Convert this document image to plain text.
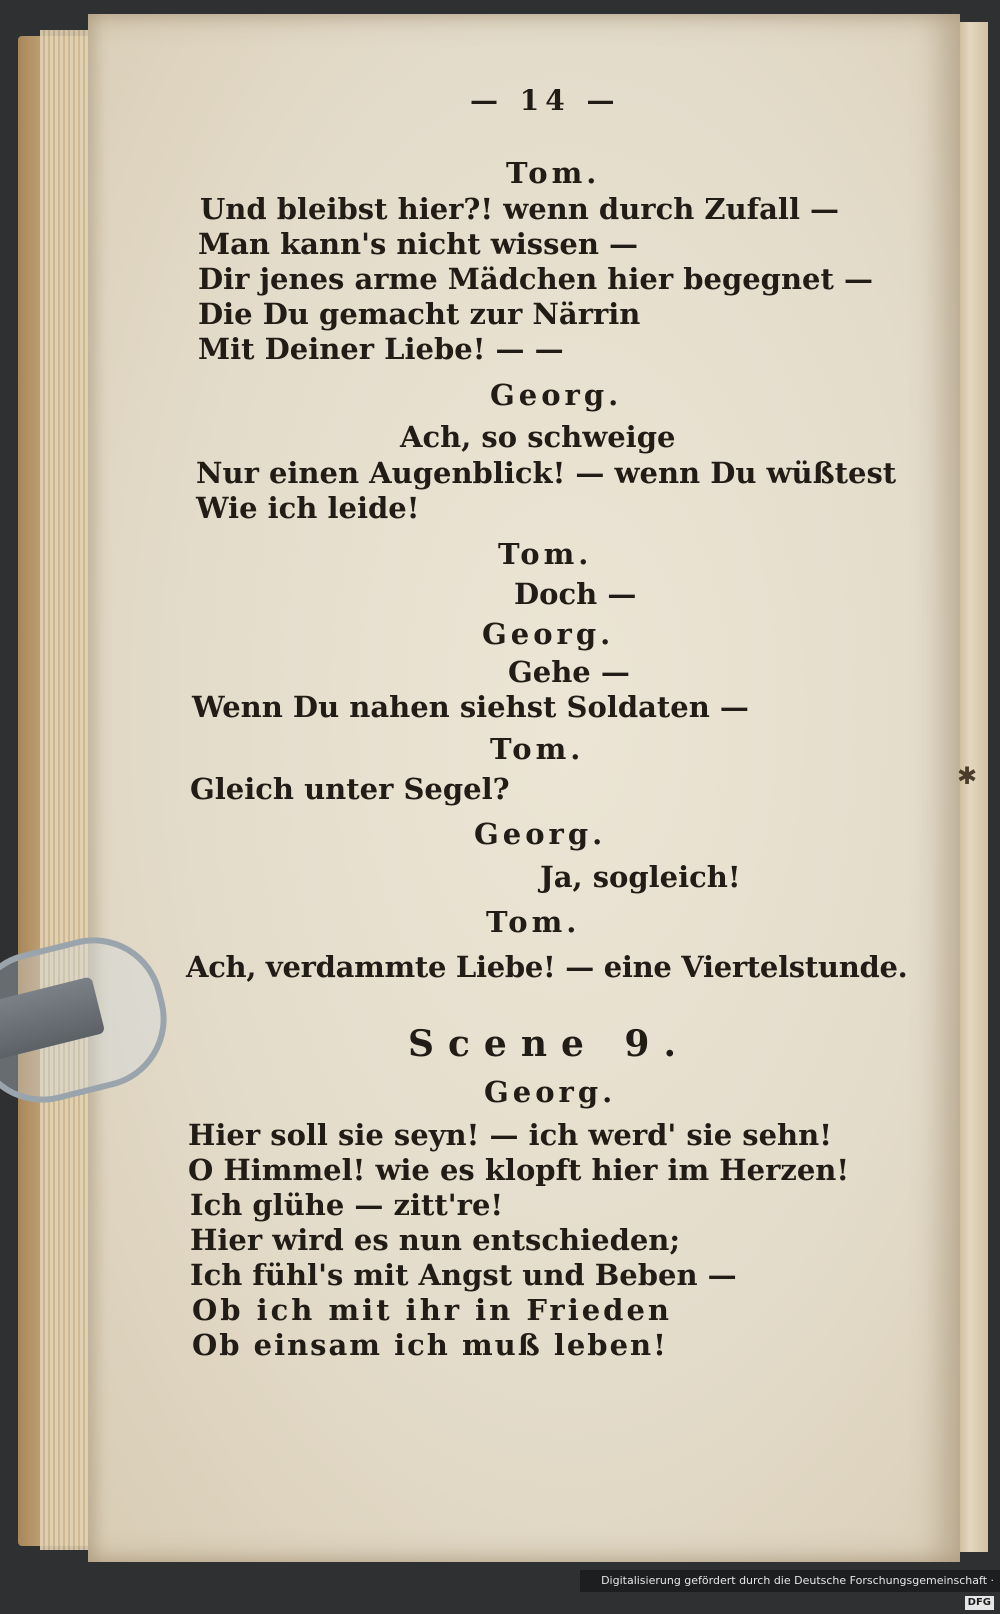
✱
— 14 —
Tom.
Und bleibst hier?! wenn durch Zufall —
Man kann's nicht wissen —
Dir jenes arme Mädchen hier begegnet —
Die Du gemacht zur Närrin
Mit Deiner Liebe! — —
Georg.
Ach, so schweige
Nur einen Augenblick! — wenn Du wüßtest
Wie ich leide!
Tom.
Doch —
Georg.
Gehe —
Wenn Du nahen siehst Soldaten —
Tom.
Gleich unter Segel?
Georg.
Ja, sogleich!
Tom.
Ach, verdammte Liebe! — eine Viertelstunde.
Scene 9.
Georg.
Hier soll sie seyn! — ich werd' sie sehn!
O Himmel! wie es klopft hier im Herzen!
Ich glühe — zitt're!
Hier wird es nun entschieden;
Ich fühl's mit Angst und Beben —
Ob ich mit ihr in Frieden
Ob einsam ich muß leben!
Digitalisierung gefördert durch die Deutsche Forschungsgemeinschaft ·DFG
